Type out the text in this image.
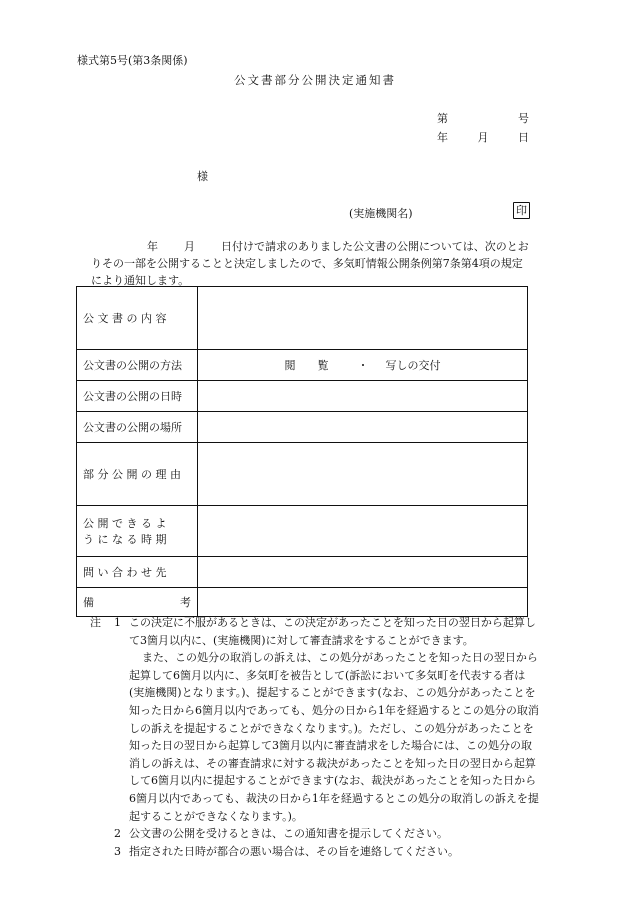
様式第5号(第3条関係)
公文書部分公開決定通知書
第	号
年	月	日
様
(実施機関名)	印
年 月 日付けで請求のありました公文書の公開については、次のとお
りその一部を公開することと決定しましたので、多気町情報公開条例第7条第4項の規定
により通知します。
公 文 書 の 内 容	
公文書の公開の方法	閲　　覧 ・ 写しの交付
公文書の公開の日時	
公文書の公開の場所	
部 分 公 開 の 理 由	

公 開 で き る よ
う に な る 時 期	

問 い 合 わ せ 先	

備 考	

注 1 この決定に不服があるときは、この決定があったことを知った日の翌日から起算して3箇月以内に、(実施機関)に対して審査請求をすることができます。
また、この処分の取消しの訴えは、この処分があったことを知った日の翌日から起算して6箇月以内に、多気町を被告として(訴訟において多気町を代表する者は(実施機関)となります。)、提起することができます(なお、この処分があったことを知った日から6箇月以内であっても、処分の日から1年を経過するとこの処分の取消しの訴えを提起することができなくなります。)。ただし、この処分があったことを知った日の翌日から起算して3箇月以内に審査請求をした場合には、この処分の取消しの訴えは、その審査請求に対する裁決があったことを知った日の翌日から起算して6箇月以内に提起することができます(なお、裁決があったことを知った日から6箇月以内であっても、裁決の日から1年を経過するとこの処分の取消しの訴えを提起することができなくなります。)。
2 公文書の公開を受けるときは、この通知書を提示してください。
3 指定された日時が都合の悪い場合は、その旨を連絡してください。
